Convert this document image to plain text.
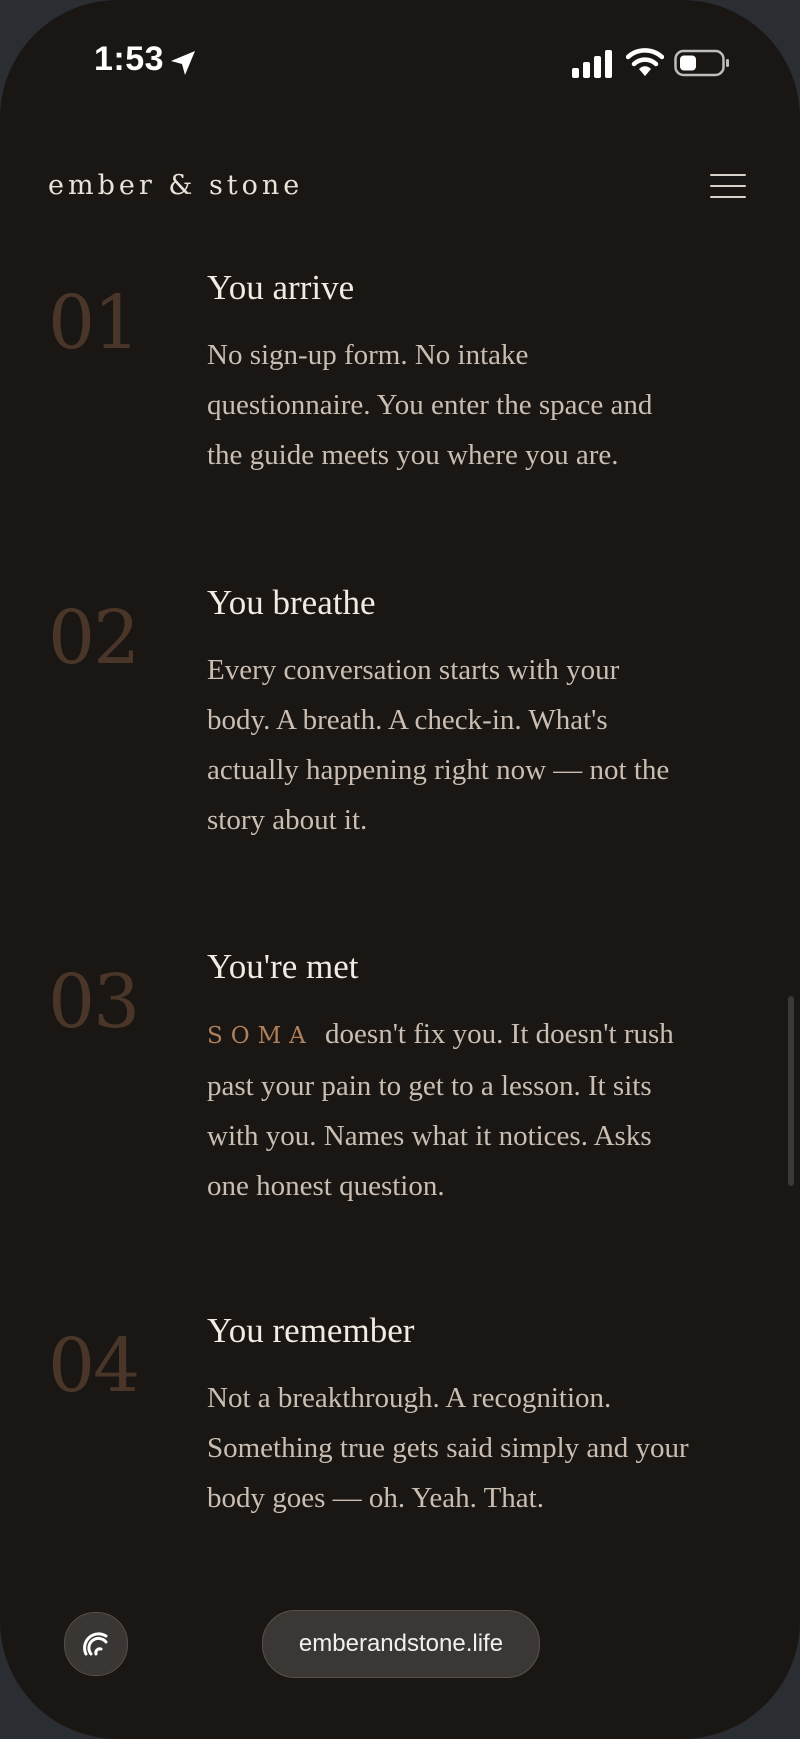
1:53
ember & stone
01 You arrive
No sign-up form. No intake
questionnaire. You enter the space and
the guide meets you where you are.
02 You breathe
Every conversation starts with your
body. A breath. A check-in. What's
actually happening right now — not the
story about it.
03 You're met
SOMA doesn't fix you. It doesn't rush
past your pain to get to a lesson. It sits
with you. Names what it notices. Asks
one honest question.
04 You remember
Not a breakthrough. A recognition.
Something true gets said simply and your
body goes — oh. Yeah. That.
emberandstone.life
